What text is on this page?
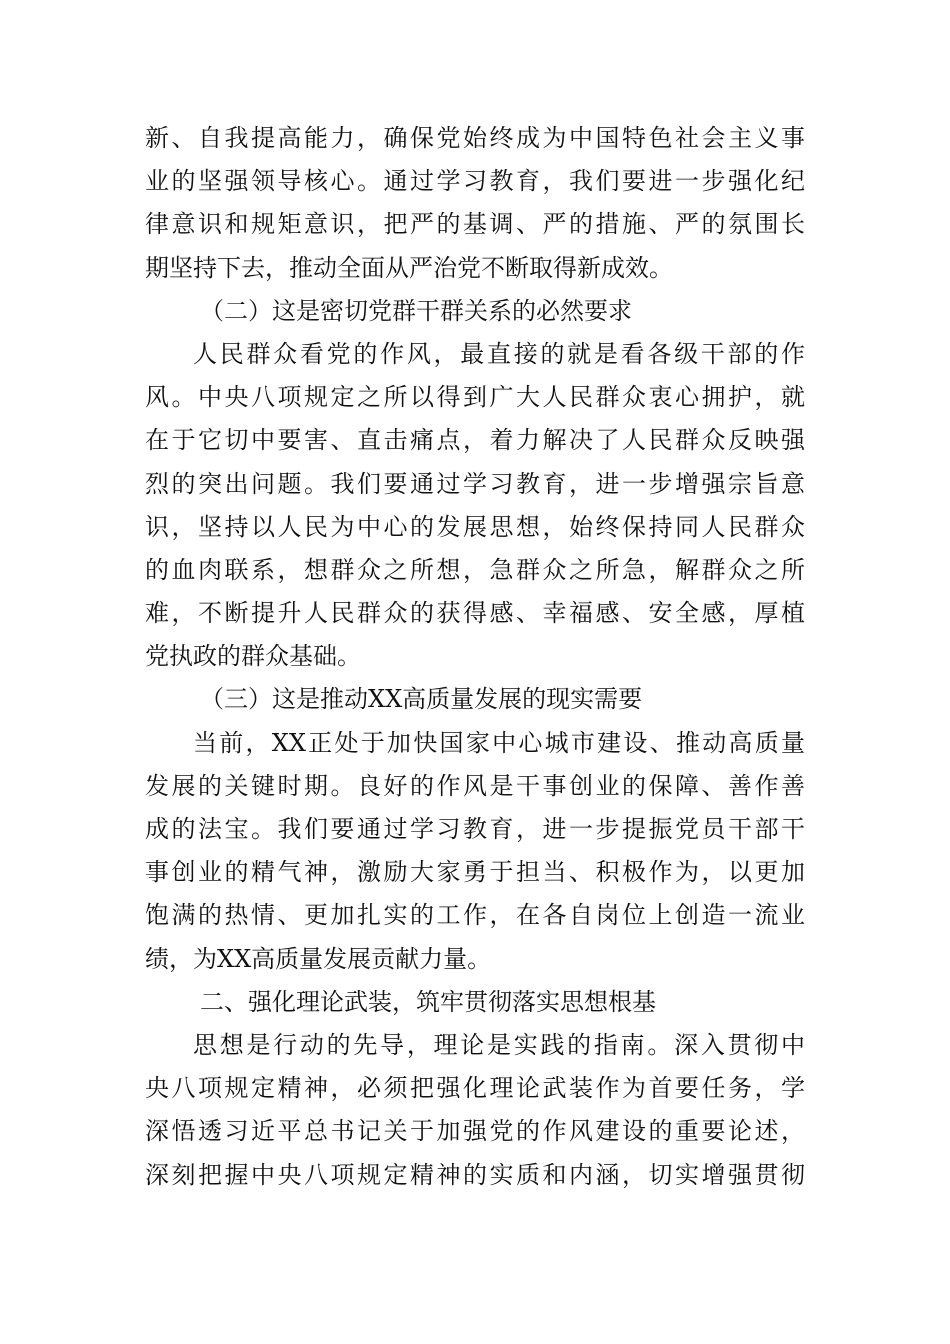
新、自我提高能力，确保党始终成为中国特色社会主义事
业的坚强领导核心。通过学习教育，我们要进一步强化纪
律意识和规矩意识，把严的基调、严的措施、严的氛围长
期坚持下去，推动全面从严治党不断取得新成效。
（二）这是密切党群干群关系的必然要求
人民群众看党的作风，最直接的就是看各级干部的作
风。中央八项规定之所以得到广大人民群众衷心拥护，就
在于它切中要害、直击痛点，着力解决了人民群众反映强
烈的突出问题。我们要通过学习教育，进一步增强宗旨意
识，坚持以人民为中心的发展思想，始终保持同人民群众
的血肉联系，想群众之所想，急群众之所急，解群众之所
难，不断提升人民群众的获得感、幸福感、安全感，厚植
党执政的群众基础。
（三）这是推动XX高质量发展的现实需要
当前，XX正处于加快国家中心城市建设、推动高质量
发展的关键时期。良好的作风是干事创业的保障、善作善
成的法宝。我们要通过学习教育，进一步提振党员干部干
事创业的精气神，激励大家勇于担当、积极作为，以更加
饱满的热情、更加扎实的工作，在各自岗位上创造一流业
绩，为XX高质量发展贡献力量。
二、强化理论武装，筑牢贯彻落实思想根基
思想是行动的先导，理论是实践的指南。深入贯彻中
央八项规定精神，必须把强化理论武装作为首要任务，学
深悟透习近平总书记关于加强党的作风建设的重要论述，
深刻把握中央八项规定精神的实质和内涵，切实增强贯彻
